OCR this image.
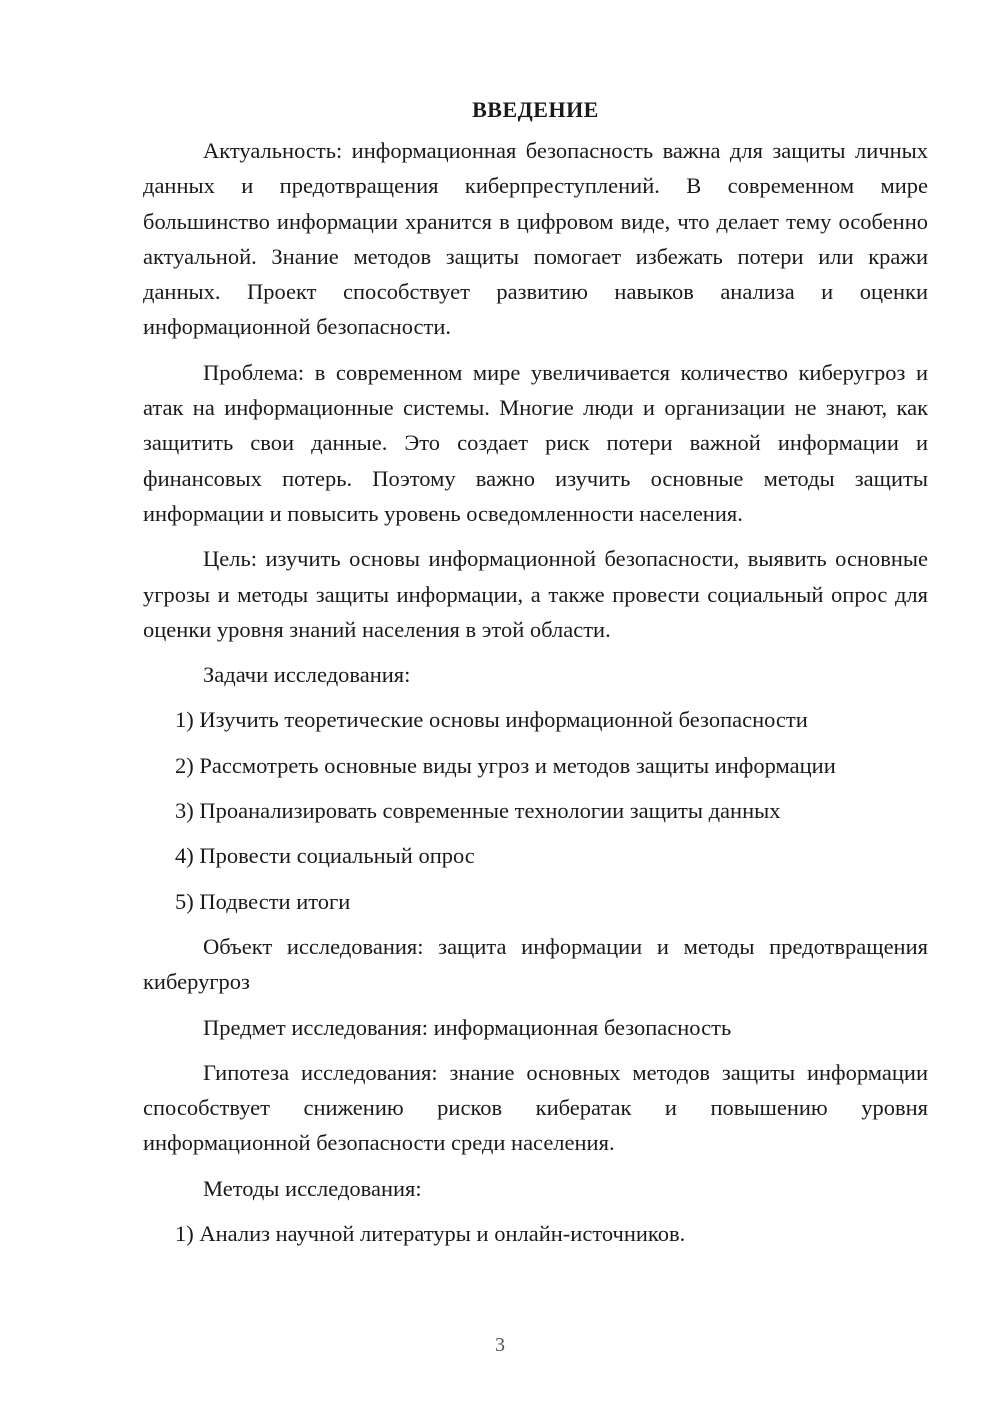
ВВЕДЕНИЕ

Актуальность: информационная безопасность важна для защиты личных данных и предотвращения киберпреступлений. В современном мире большинство информации хранится в цифровом виде, что делает тему особенно актуальной. Знание методов защиты помогает избежать потери или кражи данных. Проект способствует развитию навыков анализа и оценки информационной безопасности.

Проблема: в современном мире увеличивается количество киберугроз и атак на информационные системы. Многие люди и организации не знают, как защитить свои данные. Это создает риск потери важной информации и финансовых потерь. Поэтому важно изучить основные методы защиты информации и повысить уровень осведомленности населения.

Цель: изучить основы информационной безопасности, выявить основные угрозы и методы защиты информации, а также провести социальный опрос для оценки уровня знаний населения в этой области.

Задачи исследования:

1) Изучить теоретические основы информационной безопасности

2) Рассмотреть основные виды угроз и методов защиты информации

3) Проанализировать современные технологии защиты данных

4) Провести социальный опрос

5) Подвести итоги

Объект исследования: защита информации и методы предотвращения киберугроз

Предмет исследования: информационная безопасность

Гипотеза исследования: знание основных методов защиты информации способствует снижению рисков кибератак и повышению уровня информационной безопасности среди населения.

Методы исследования:

1) Анализ научной литературы и онлайн-источников.

3
